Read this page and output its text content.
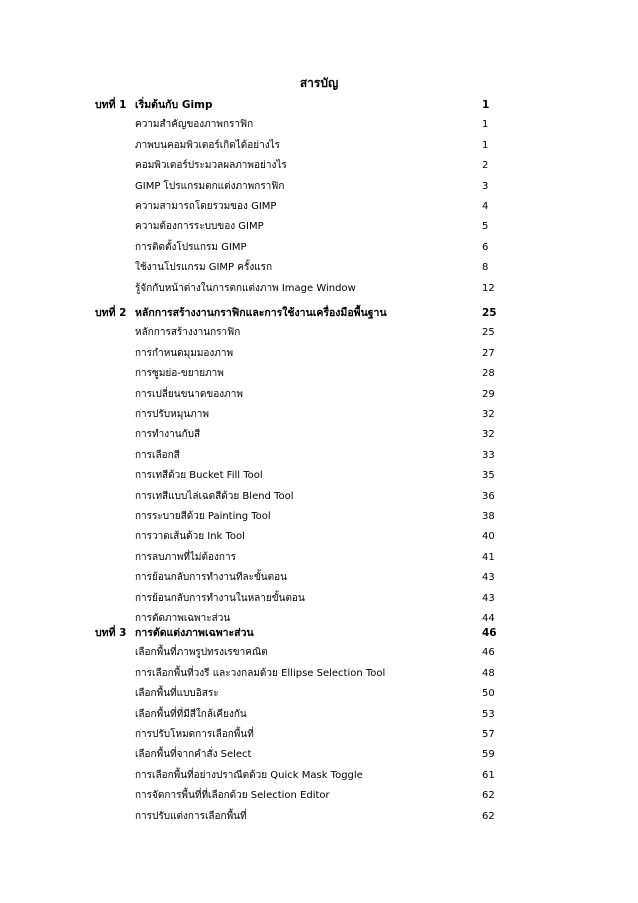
สารบัญ
บทที่ 1 เริ่มต้นกับ Gimp	1
ความสำคัญของภาพกราฟิก	1
ภาพบนคอมพิวเตอร์เกิดได้อย่างไร	1
คอมพิวเตอร์ประมวลผลภาพอย่างไร	2
GIMP โปรแกรมตกแต่งภาพกราฟิก	3
ความสามารถโดยรวมของ GIMP	4
ความต้องการระบบของ GIMP	5
การติดตั้งโปรแกรม GIMP	6
ใช้งานโปรแกรม GIMP ครั้งแรก	8
รู้จักกับหน้าต่างในการตกแต่งภาพ Image Window	12
บทที่ 2 หลักการสร้างงานกราฟิกและการใช้งานเครื่องมือพื้นฐาน	25
หลักการสร้างงานกราฟิก	25
การกำหนดมุมมองภาพ	27
การซูมย่อ-ขยายภาพ	28
การเปลี่ยนขนาดของภาพ	29
การปรับหมุนภาพ	32
การทำงานกับสี	32
การเลือกสี	33
การเทสีด้วย Bucket Fill Tool	35
การเทสีแบบไล่เฉดสีด้วย Blend Tool	36
การระบายสีด้วย Painting Tool	38
การวาดเส้นด้วย Ink Tool	40
การลบภาพที่ไม่ต้องการ	41
การย้อนกลับการทำงานทีละขั้นตอน	43
การย้อนกลับการทำงานในหลายขั้นตอน	43
การตัดภาพเฉพาะส่วน	44
บทที่ 3 การตัดแต่งภาพเฉพาะส่วน	46
เลือกพื้นที่ภาพรูปทรงเรขาคณิต	46
การเลือกพื้นที่วงรี และวงกลมด้วย Ellipse Selection Tool	48
เลือกพื้นที่แบบอิสระ	50
เลือกพื้นที่ที่มีสีใกล้เคียงกัน	53
การปรับโหมดการเลือกพื้นที่	57
เลือกพื้นที่จากคำสั่ง Select	59
การเลือกพื้นที่อย่างปราณีตด้วย Quick Mask Toggle	61
การจัดการพื้นที่ที่เลือกด้วย Selection Editor	62
การปรับแต่งการเลือกพื้นที่	62
